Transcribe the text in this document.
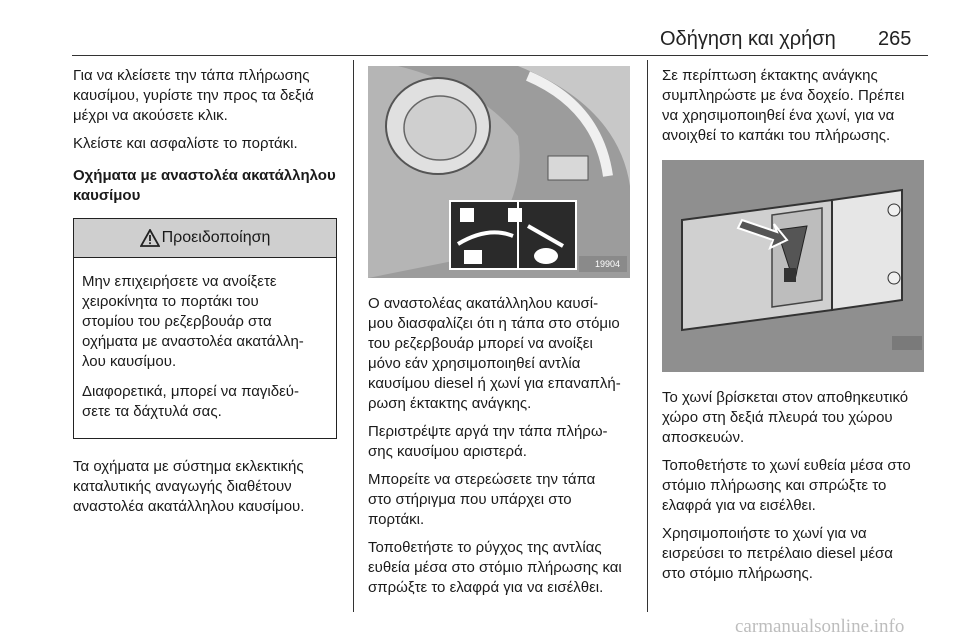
Οδήγηση και χρήση 265

Για να κλείσετε την τάπα πλήρωσης
καυσίμου, γυρίστε την προς τα δεξιά
μέχρι να ακούσετε κλικ.

Κλείστε και ασφαλίστε το πορτάκι.

Οχήματα με αναστολέα ακατάλληλου
καυσίμου
Προειδοποίηση

Μην επιχειρήσετε να ανοίξετε
χειροκίνητα το πορτάκι του
στομίου του ρεζερβουάρ στα
οχήματα με αναστολέα ακατάλλη-
λου καυσίμου.

Διαφορετικά, μπορεί να παγιδεύ-
σετε τα δάχτυλά σας.

Τα οχήματα με σύστημα εκλεκτικής
καταλυτικής αναγωγής διαθέτουν
αναστολέα ακατάλληλου καυσίμου.

19904

Ο αναστολέας ακατάλληλου καυσί-
μου διασφαλίζει ότι η τάπα στο στόμιο
του ρεζερβουάρ μπορεί να ανοίξει
μόνο εάν χρησιμοποιηθεί αντλία
καυσίμου diesel ή χωνί για επαναπλή-
ρωση έκτακτης ανάγκης.

Περιστρέψτε αργά την τάπα πλήρω-
σης καυσίμου αριστερά.

Μπορείτε να στερεώσετε την τάπα
στο στήριγμα που υπάρχει στο
πορτάκι.

Τοποθετήστε το ρύγχος της αντλίας
ευθεία μέσα στο στόμιο πλήρωσης και
σπρώξτε το ελαφρά για να εισέλθει.

Σε περίπτωση έκτακτης ανάγκης
συμπληρώστε με ένα δοχείο. Πρέπει
να χρησιμοποιηθεί ένα χωνί, για να
ανοιχθεί το καπάκι του πλήρωσης.

Το χωνί βρίσκεται στον αποθηκευτικό
χώρο στη δεξιά πλευρά του χώρου
αποσκευών.

Τοποθετήστε το χωνί ευθεία μέσα στο
στόμιο πλήρωσης και σπρώξτε το
ελαφρά για να εισέλθει.

Χρησιμοποιήστε το χωνί για να
εισρεύσει το πετρέλαιο diesel μέσα
στο στόμιο πλήρωσης.

carmanualsonline.info
